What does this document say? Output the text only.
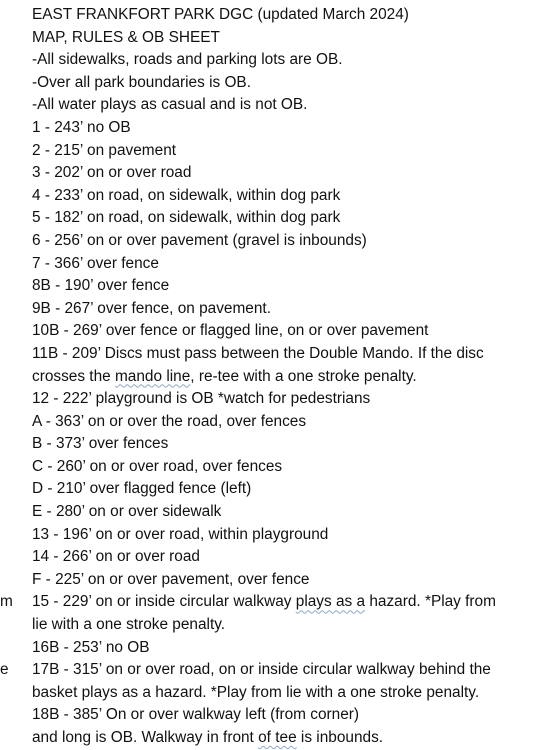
EAST FRANKFORT PARK DGC (updated March 2024)
MAP, RULES & OB SHEET
-All sidewalks, roads and parking lots are OB.
-Over all park boundaries is OB.
-All water plays as casual and is not OB.
1 - 243’ no OB
2 - 215’ on pavement
3 - 202’ on or over road
4 - 233’ on road, on sidewalk, within dog park
5 - 182’ on road, on sidewalk, within dog park
6 - 256’ on or over pavement (gravel is inbounds)
7 - 366’ over fence
8B - 190’ over fence
9B - 267’ over fence, on pavement.
10B - 269’ over fence or flagged line, on or over pavement
11B - 209’ Discs must pass between the Double Mando. If the disc
crosses the mando line, re-tee with a one stroke penalty.
12 - 222’ playground is OB *watch for pedestrians
A - 363’ on or over the road, over fences
B - 373’ over fences
C - 260’ on or over road, over fences
D - 210’ over flagged fence (left)
E - 280’ on or over sidewalk
13 - 196’ on or over road, within playground
14 - 266’ on or over road
F - 225’ on or over pavement, over fence
m 15 - 229’ on or inside circular walkway plays as a hazard. *Play from
lie with a one stroke penalty.
16B - 253’ no OB
e 17B - 315’ on or over road, on or inside circular walkway behind the
basket plays as a hazard. *Play from lie with a one stroke penalty.
18B - 385’ On or over walkway left (from corner)
and long is OB. Walkway in front of tee is inbounds.
